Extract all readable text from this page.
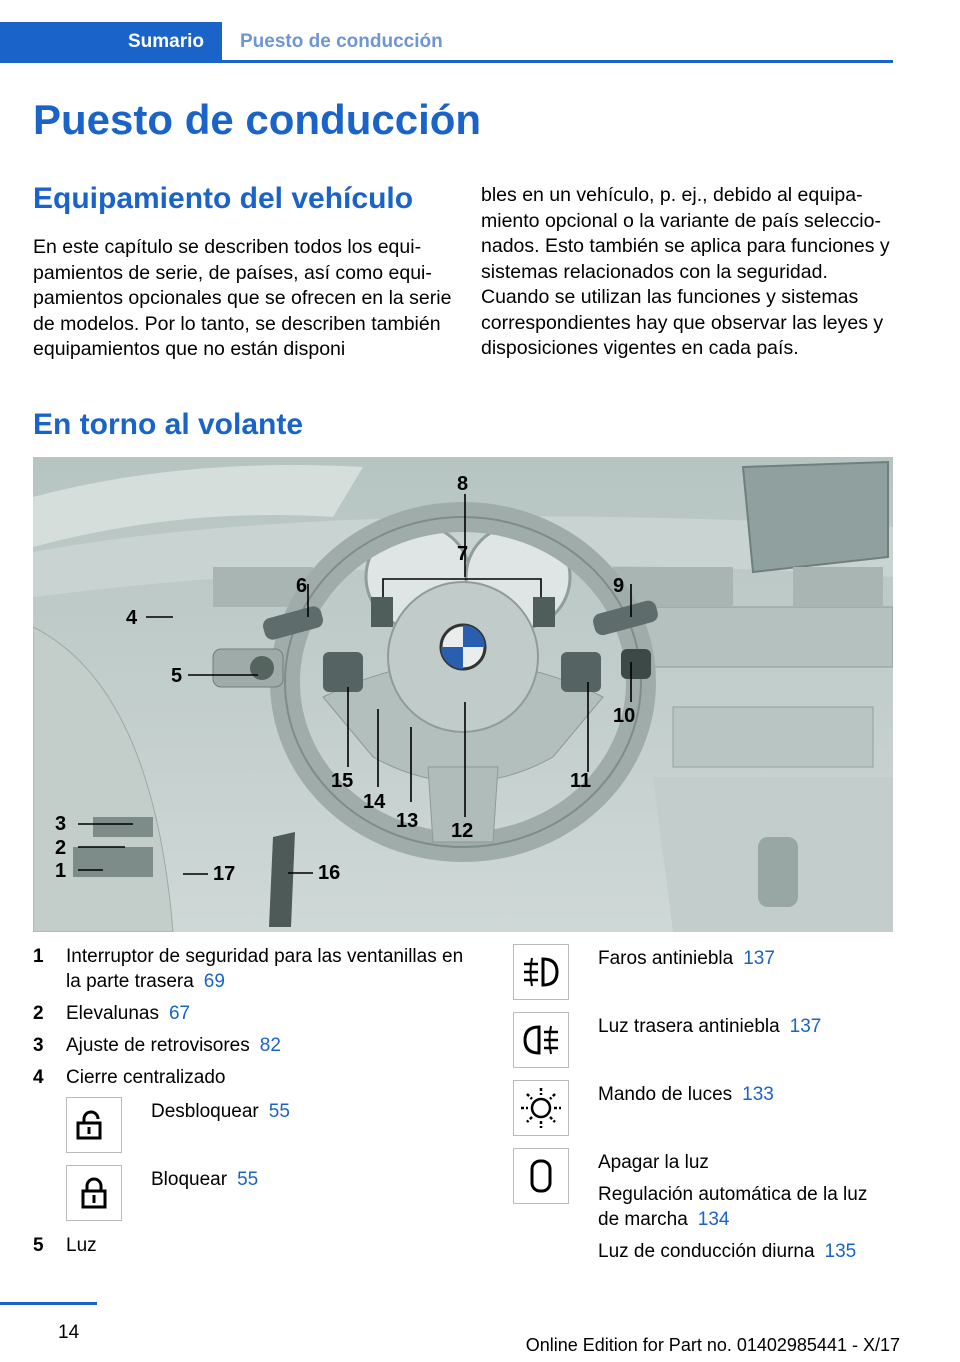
Sumario	Puesto de conducción
Puesto de conducción
Equipamiento del vehículo

En este capítulo se describen todos los equipamientos de serie, de países, así como equipamientos opcionales que se ofrecen en la serie de modelos. Por lo tanto, se describen también equipamientos que no están disponi

bles en un vehículo, p. ej., debido al equipamiento opcional o la variante de país seleccionados. Esto también se aplica para funciones y sistemas relacionados con la seguridad. Cuando se utilizan las funciones y sistemas correspondientes hay que observar las leyes y disposiciones vigentes en cada país.

En torno al volante
8
7
6	9
4
5
10
15	11
14
13 12
3
2
1	17	16
1	Interruptor de seguridad para las ventanillas en la parte trasera 69
2	Elevalunas 67
3	Ajuste de retrovisores 82
4	Cierre centralizado
Desbloquear 55
Bloquear 55
5	Luz
Faros antiniebla 137
Luz trasera antiniebla 137
Mando de luces 133
Apagar la luz
Regulación automática de la luz de marcha 134
Luz de conducción diurna 135
14
Online Edition for Part no. 01402985441 - X/17
